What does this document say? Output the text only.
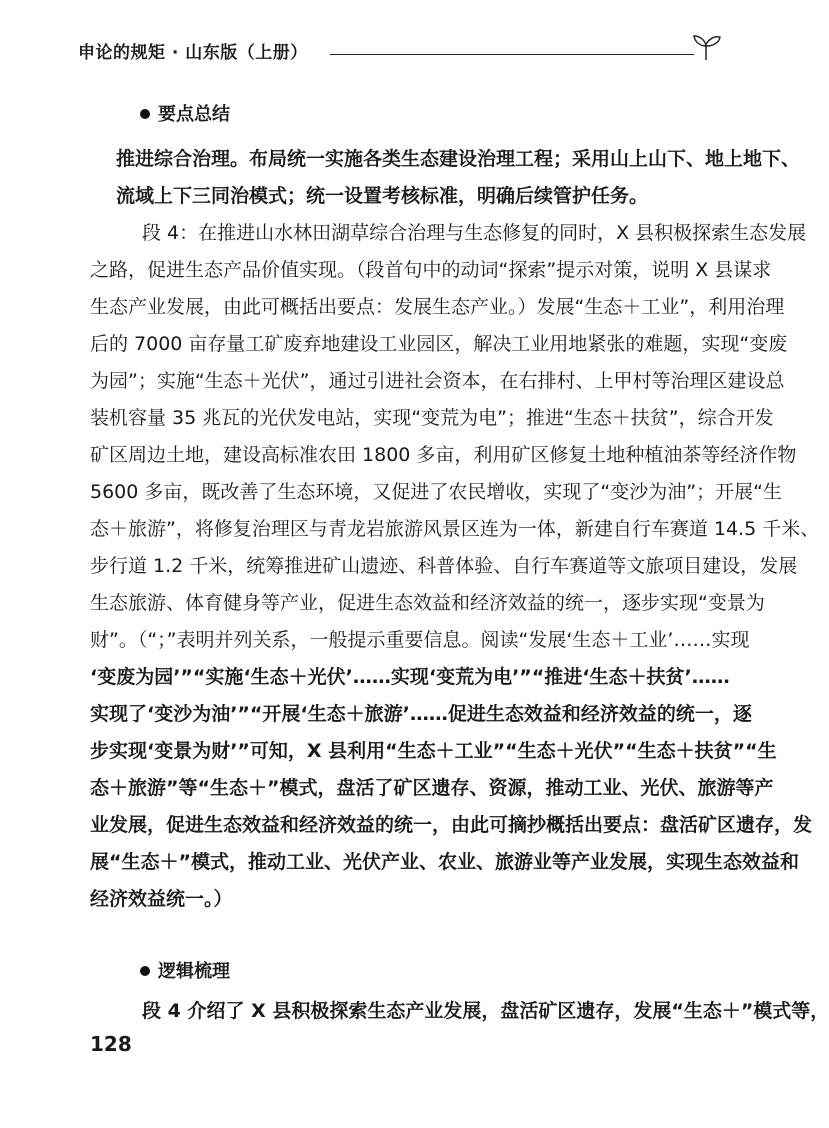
申论的规矩 · 山东版（上册）
要点总结
推进综合治理。布局统一实施各类生态建设治理工程；采用山上山下、地上地下、
流域上下三同治模式；统一设置考核标准，明确后续管护任务。
段 4：在推进山水林田湖草综合治理与生态修复的同时，X 县积极探索生态发展
之路，促进生态产品价值实现。（段首句中的动词“探索”提示对策，说明 X 县谋求
生态产业发展，由此可概括出要点：发展生态产业。）发展“生态＋工业”，利用治理
后的 7000 亩存量工矿废弃地建设工业园区，解决工业用地紧张的难题，实现“变废
为园”；实施“生态＋光伏”，通过引进社会资本，在右排村、上甲村等治理区建设总
装机容量 35 兆瓦的光伏发电站，实现“变荒为电”；推进“生态＋扶贫”，综合开发
矿区周边土地，建设高标准农田 1800 多亩，利用矿区修复土地种植油茶等经济作物
5600 多亩，既改善了生态环境，又促进了农民增收，实现了“变沙为油”；开展“生
态＋旅游”，将修复治理区与青龙岩旅游风景区连为一体，新建自行车赛道 14.5 千米、
步行道 1.2 千米，统筹推进矿山遗迹、科普体验、自行车赛道等文旅项目建设，发展
生态旅游、体育健身等产业，促进生态效益和经济效益的统一，逐步实现“变景为
财”。（“；”表明并列关系，一般提示重要信息。阅读“发展‘生态＋工业’……实现
‘变废为园’”“实施‘生态＋光伏’……实现‘变荒为电’”“推进‘生态＋扶贫’……
实现了‘变沙为油’”“开展‘生态＋旅游’……促进生态效益和经济效益的统一，逐
步实现‘变景为财’”可知，X 县利用“生态＋工业”“生态＋光伏”“生态＋扶贫”“生
态＋旅游”等“生态＋”模式，盘活了矿区遗存、资源，推动工业、光伏、旅游等产
业发展，促进生态效益和经济效益的统一，由此可摘抄概括出要点：盘活矿区遗存，发
展“生态＋”模式，推动工业、光伏产业、农业、旅游业等产业发展，实现生态效益和
经济效益统一。）
逻辑梳理
段 4 介绍了 X 县积极探索生态产业发展，盘活矿区遗存，发展“生态＋”模式等，
128
